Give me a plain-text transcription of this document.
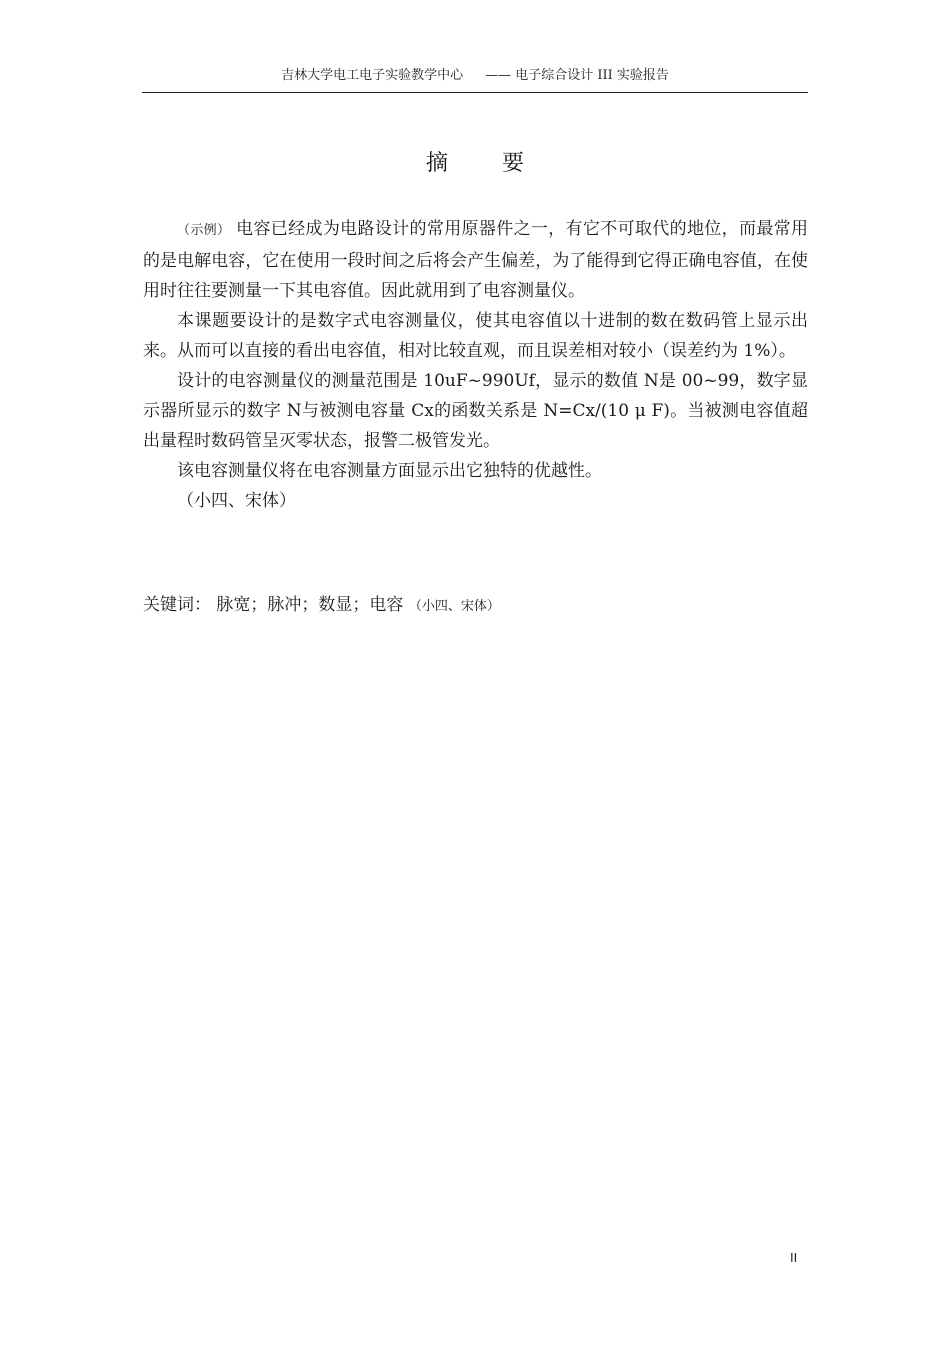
吉林大学电工电子实验教学中心 —— 电子综合设计 III 实验报告
摘要

（示例） 电容已经成为电路设计的常用原器件之一，有它不可取代的地位，而最常用的是电解电容，它在使用一段时间之后将会产生偏差，为了能得到它得正确电容值，在使用时往往要测量一下其电容值。因此就用到了电容测量仪。

本课题要设计的是数字式电容测量仪，使其电容值以十进制的数在数码管上显示出来。从而可以直接的看出电容值，相对比较直观，而且误差相对较小（误差约为 1%）。

设计的电容测量仪的测量范围是 10uF~990Uf，显示的数值 N是 00~99，数字显示器所显示的数字 N与被测电容量 Cx的函数关系是 N=Cx/(10 μ F)。当被测电容值超出量程时数码管呈灭零状态，报警二极管发光。

该电容测量仪将在电容测量方面显示出它独特的优越性。

（小四、宋体）

关键词： 脉宽；脉冲；数显；电容 （小四、宋体）
II
